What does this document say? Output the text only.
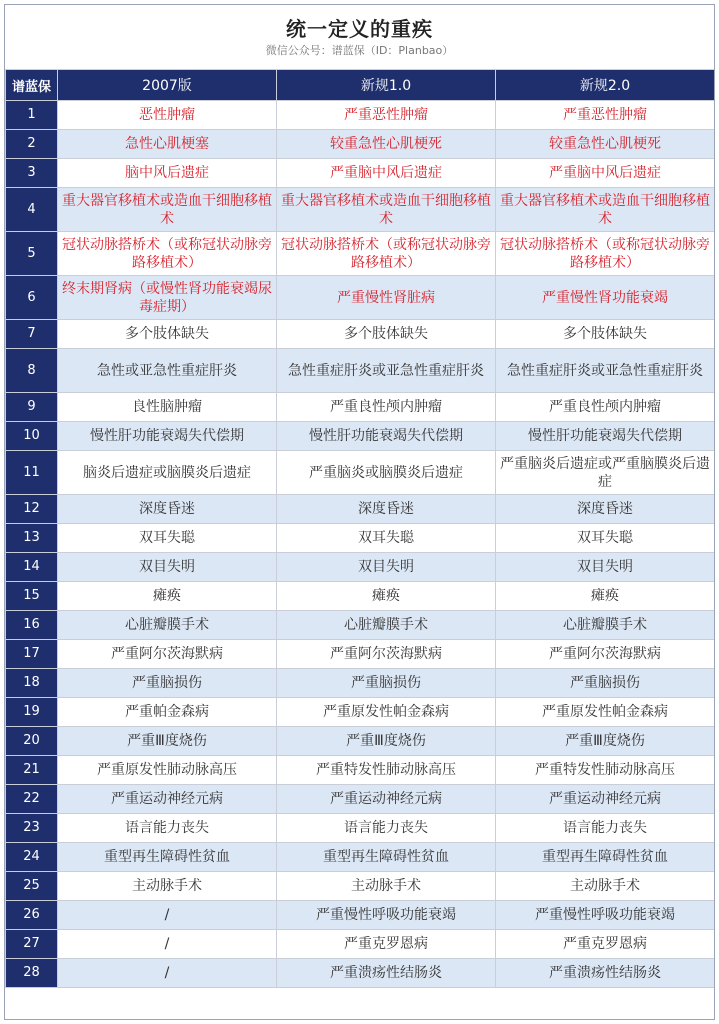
统一定义的重疾
微信公众号：谱蓝保（ID：Planbao）
谱蓝保	2007版	新规1.0	新规2.0
1	恶性肿瘤	严重恶性肿瘤	严重恶性肿瘤
2	急性心肌梗塞	较重急性心肌梗死	较重急性心肌梗死
3	脑中风后遗症	严重脑中风后遗症	严重脑中风后遗症
4	重大器官移植术或造血干细胞移植术	重大器官移植术或造血干细胞移植术	重大器官移植术或造血干细胞移植术
5	冠状动脉搭桥术（或称冠状动脉旁路移植术）	冠状动脉搭桥术（或称冠状动脉旁路移植术）	冠状动脉搭桥术（或称冠状动脉旁路移植术）
6	终末期肾病（或慢性肾功能衰竭尿毒症期）	严重慢性肾脏病	严重慢性肾功能衰竭
7	多个肢体缺失	多个肢体缺失	多个肢体缺失
8	急性或亚急性重症肝炎	急性重症肝炎或亚急性重症肝炎	急性重症肝炎或亚急性重症肝炎
9	良性脑肿瘤	严重良性颅内肿瘤	严重良性颅内肿瘤
10	慢性肝功能衰竭失代偿期	慢性肝功能衰竭失代偿期	慢性肝功能衰竭失代偿期
11	脑炎后遗症或脑膜炎后遗症	严重脑炎或脑膜炎后遗症	严重脑炎后遗症或严重脑膜炎后遗症
12	深度昏迷	深度昏迷	深度昏迷
13	双耳失聪	双耳失聪	双耳失聪
14	双目失明	双目失明	双目失明
15	瘫痪	瘫痪	瘫痪
16	心脏瓣膜手术	心脏瓣膜手术	心脏瓣膜手术
17	严重阿尔茨海默病	严重阿尔茨海默病	严重阿尔茨海默病
18	严重脑损伤	严重脑损伤	严重脑损伤
19	严重帕金森病	严重原发性帕金森病	严重原发性帕金森病
20	严重Ⅲ度烧伤	严重Ⅲ度烧伤	严重Ⅲ度烧伤
21	严重原发性肺动脉高压	严重特发性肺动脉高压	严重特发性肺动脉高压
22	严重运动神经元病	严重运动神经元病	严重运动神经元病
23	语言能力丧失	语言能力丧失	语言能力丧失
24	重型再生障碍性贫血	重型再生障碍性贫血	重型再生障碍性贫血
25	主动脉手术	主动脉手术	主动脉手术
26	/	严重慢性呼吸功能衰竭	严重慢性呼吸功能衰竭
27	/	严重克罗恩病	严重克罗恩病
28	/	严重溃疡性结肠炎	严重溃疡性结肠炎
